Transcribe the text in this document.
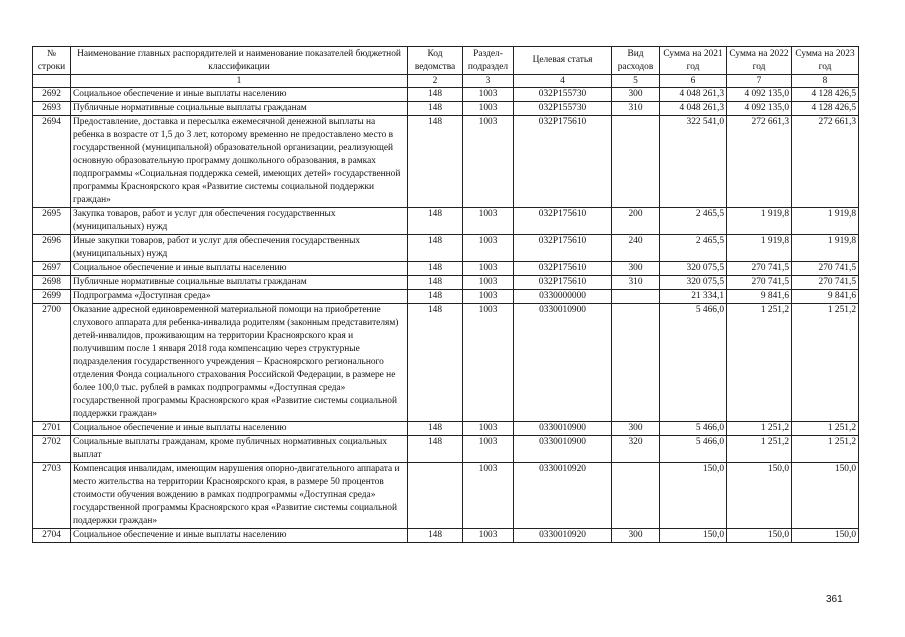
№ строки	Наименование главных распорядителей и наименование показателей бюджетной классификации	Код ведомства	Раздел-подраздел	Целевая статья	Вид расходов	Сумма на 2021 год	Сумма на 2022 год	Сумма на 2023 год
	1	2	3	4	5	6	7	8
2692	Социальное обеспечение и иные выплаты населению	148	1003	032P155730	300	4 048 261,3	4 092 135,0	4 128 426,5
2693	Публичные нормативные социальные выплаты гражданам	148	1003	032P155730	310	4 048 261,3	4 092 135,0	4 128 426,5
2694	Предоставление, доставка и пересылка ежемесячной денежной выплаты на ребенка в возрасте от 1,5 до 3 лет, которому временно не предоставлено место в государственной (муниципальной) образовательной организации, реализующей основную образовательную программу дошкольного образования, в рамках подпрограммы «Социальная поддержка семей, имеющих детей» государственной программы Красноярского края «Развитие системы социальной поддержки граждан»	148	1003	032P175610		322 541,0	272 661,3	272 661,3
2695	Закупка товаров, работ и услуг для обеспечения государственных (муниципальных) нужд	148	1003	032P175610	200	2 465,5	1 919,8	1 919,8
2696	Иные закупки товаров, работ и услуг для обеспечения государственных (муниципальных) нужд	148	1003	032P175610	240	2 465,5	1 919,8	1 919,8
2697	Социальное обеспечение и иные выплаты населению	148	1003	032P175610	300	320 075,5	270 741,5	270 741,5
2698	Публичные нормативные социальные выплаты гражданам	148	1003	032P175610	310	320 075,5	270 741,5	270 741,5
2699	Подпрограмма «Доступная среда»	148	1003	0330000000		21 334,1	9 841,6	9 841,6
2700	Оказание адресной единовременной материальной помощи на приобретение слухового аппарата для ребенка-инвалида родителям (законным представителям) детей-инвалидов, проживающим на территории Красноярского края и получившим после 1 января 2018 года компенсацию через структурные подразделения государственного учреждения – Красноярского регионального отделения Фонда социального страхования Российской Федерации, в размере не более 100,0 тыс. рублей в рамках подпрограммы «Доступная среда» государственной программы Красноярского края «Развитие системы социальной поддержки граждан»	148	1003	0330010900		5 466,0	1 251,2	1 251,2
2701	Социальное обеспечение и иные выплаты населению	148	1003	0330010900	300	5 466,0	1 251,2	1 251,2
2702	Социальные выплаты гражданам, кроме публичных нормативных социальных выплат	148	1003	0330010900	320	5 466,0	1 251,2	1 251,2
2703	Компенсация инвалидам, имеющим нарушения опорно-двигательного аппарата и место жительства на территории Красноярского края, в размере 50 процентов стоимости обучения вождению в рамках подпрограммы «Доступная среда» государственной программы Красноярского края «Развитие системы социальной поддержки граждан»		1003	0330010920		150,0	150,0	150,0
2704	Социальное обеспечение и иные выплаты населению	148	1003	0330010920	300	150,0	150,0	150,0
361
